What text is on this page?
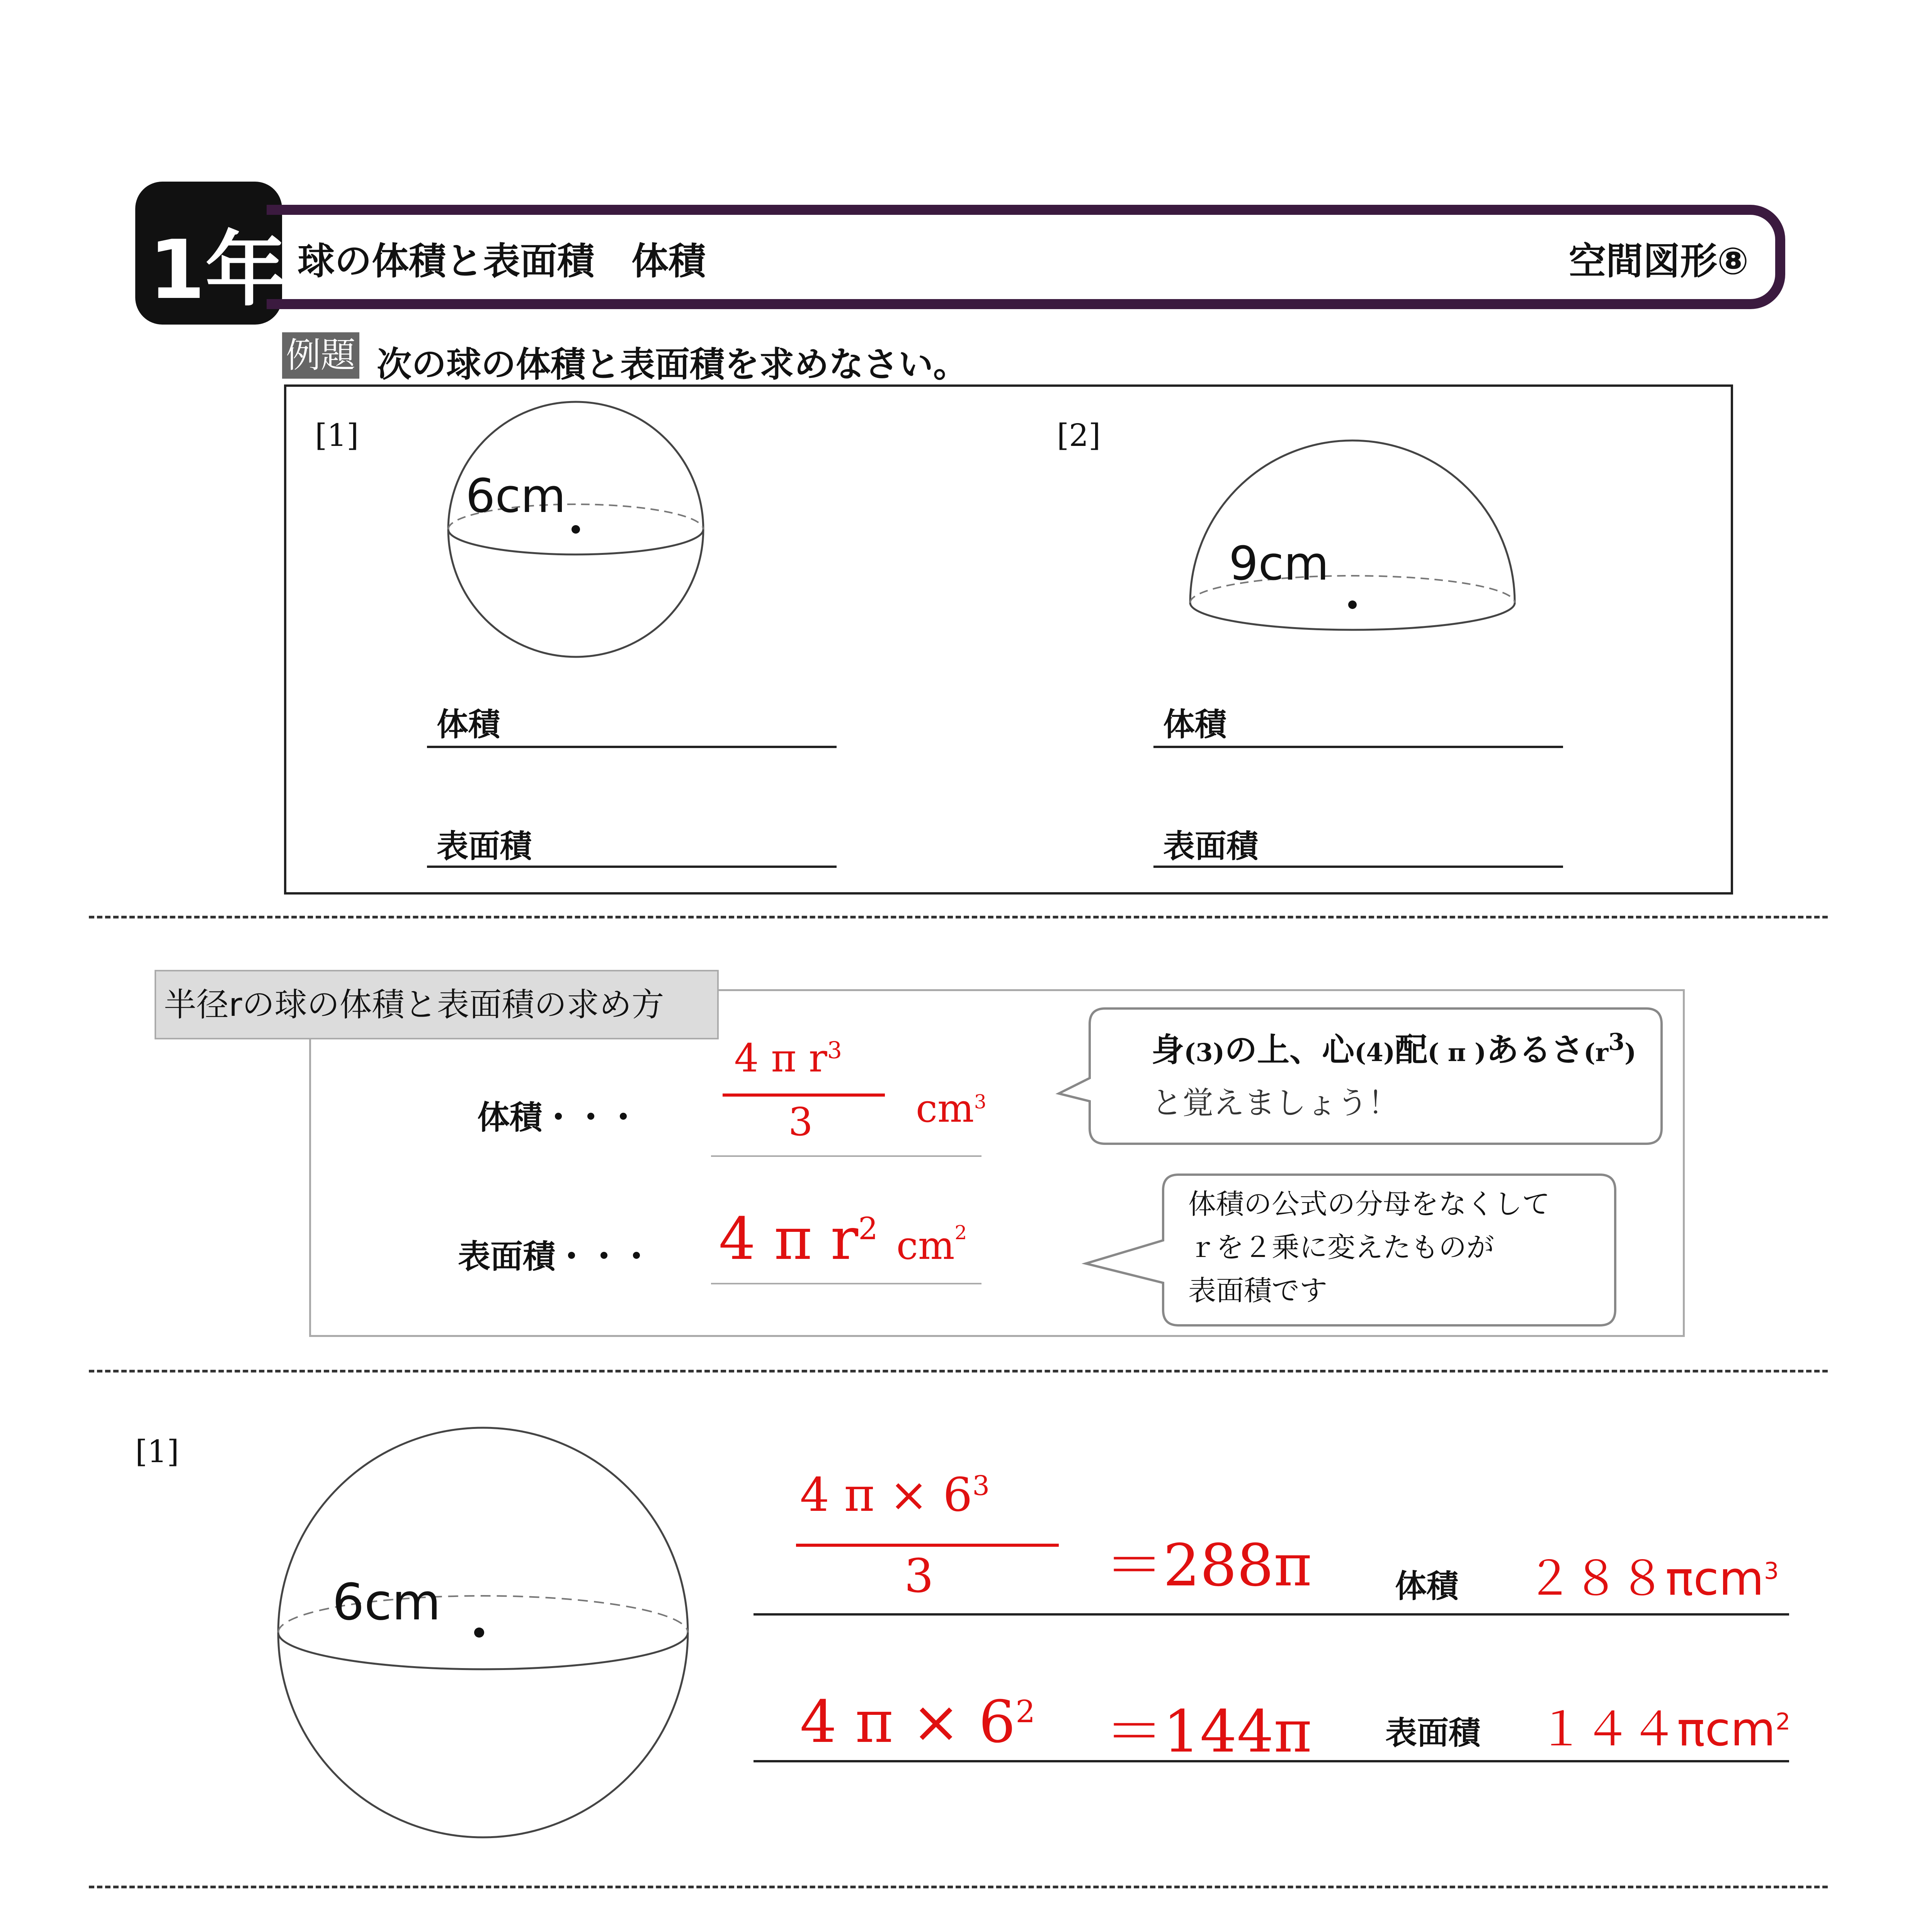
1年 球の体積と表面積　体積	空間図形⑧
例題 次の球の体積と表面積を求めなさい。
[1]	[2]
6cm
9cm
体積
表面積
体積
表面積
半径rの球の体積と表面積の求め方
体積・・・
4 π $r^3$
3	$cm^3$
表面積・・・ 4 π $r^2$ $cm^2$
身(3)の上、心(4)配( π )あるさ$(r^3)$
と覚えましょう！
体積の公式の分母をなくして
ｒを２乗に変えたものが
表面積です
[1]
6cm
4 $\pi \times 6^3$
3	＝288π	体積 ２８８πcm$^3$
4 $\pi \times 6^2 =144\pi$ 表面積 １４４πcm$^2$
